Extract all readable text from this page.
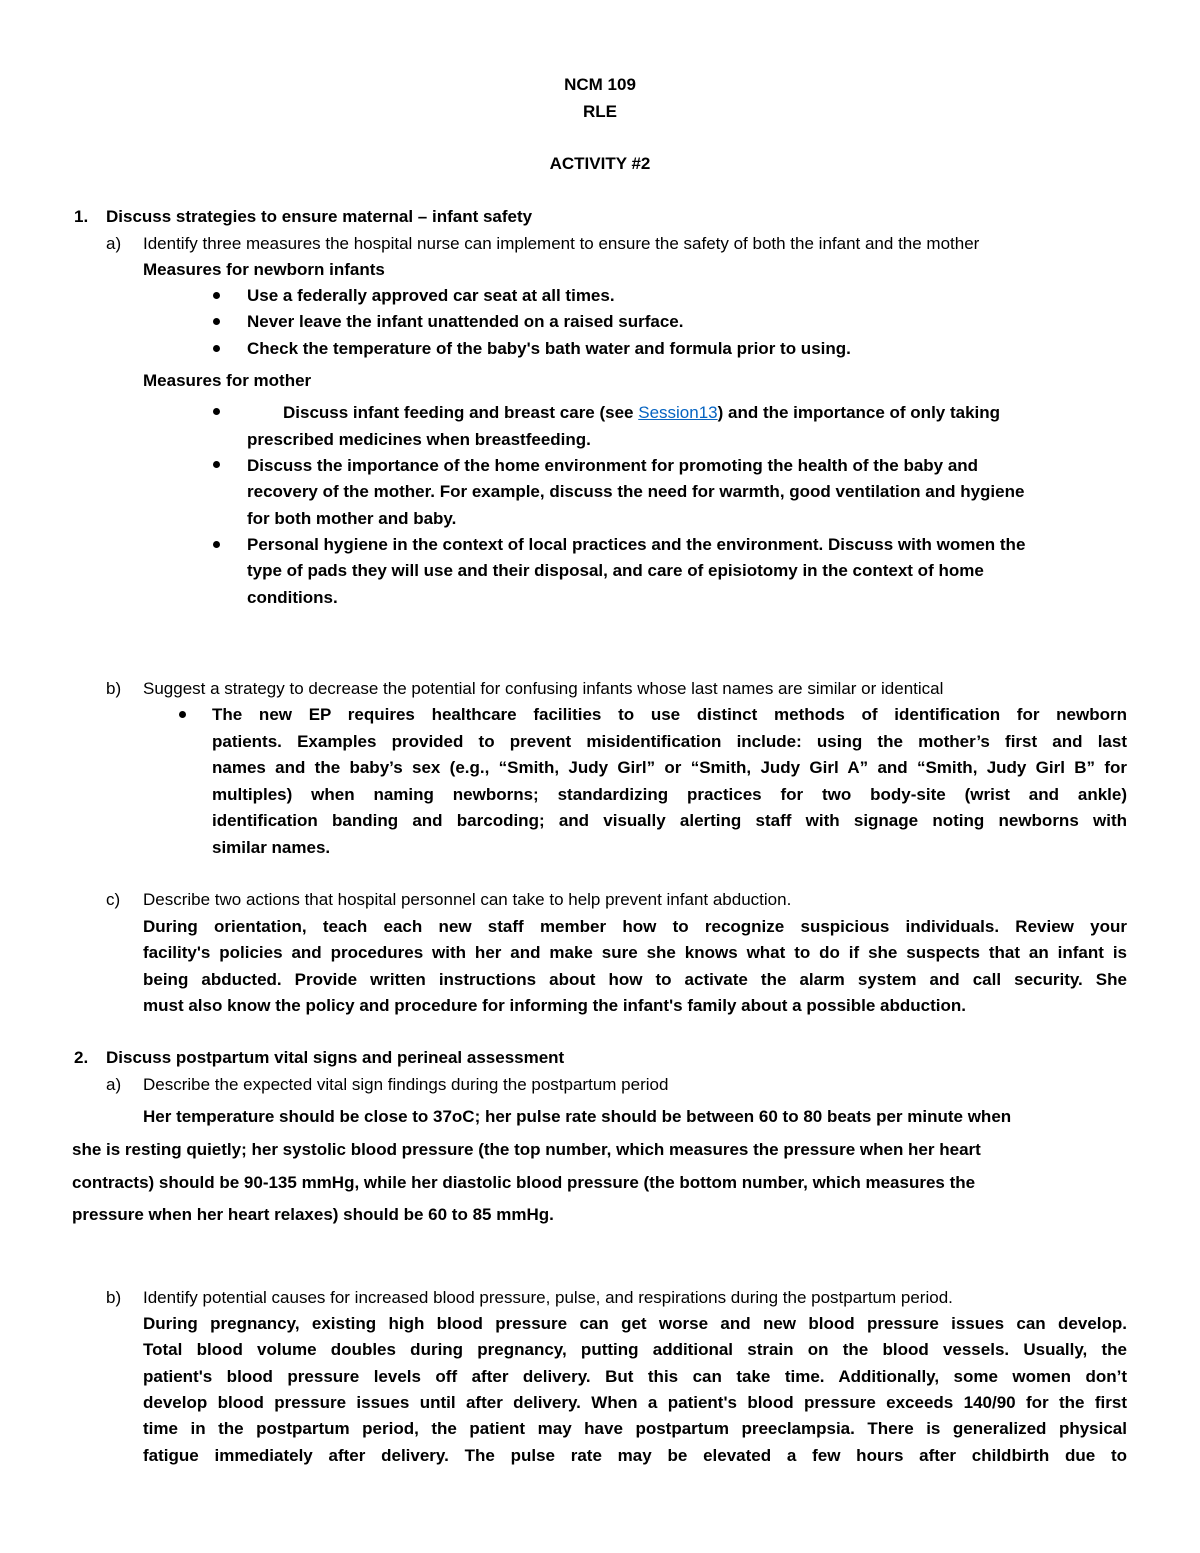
NCM 109
RLE
ACTIVITY #2
1. Discuss strategies to ensure maternal – infant safety
a) Identify three measures the hospital nurse can implement to ensure the safety of both the infant and the mother
Measures for newborn infants
Use a federally approved car seat at all times.
Never leave the infant unattended on a raised surface.
Check the temperature of the baby's bath water and formula prior to using.
Measures for mother
Discuss infant feeding and breast care (see Session13) and the importance of only taking
prescribed medicines when breastfeeding.
Discuss the importance of the home environment for promoting the health of the baby and
recovery of the mother. For example, discuss the need for warmth, good ventilation and hygiene
for both mother and baby.
Personal hygiene in the context of local practices and the environment. Discuss with women the
type of pads they will use and their disposal, and care of episiotomy in the context of home
conditions.
b) Suggest a strategy to decrease the potential for confusing infants whose last names are similar or identical
The new EP requires healthcare facilities to use distinct methods of identification for newborn
patients. Examples provided to prevent misidentification include: using the mother’s first and last
names and the baby’s sex (e.g., “Smith, Judy Girl” or “Smith, Judy Girl A” and “Smith, Judy Girl B” for
multiples) when naming newborns; standardizing practices for two body-site (wrist and ankle)
identification banding and barcoding; and visually alerting staff with signage noting newborns with
similar names.
c) Describe two actions that hospital personnel can take to help prevent infant abduction.
During orientation, teach each new staff member how to recognize suspicious individuals. Review your
facility's policies and procedures with her and make sure she knows what to do if she suspects that an infant is
being abducted. Provide written instructions about how to activate the alarm system and call security. She
must also know the policy and procedure for informing the infant's family about a possible abduction.
2. Discuss postpartum vital signs and perineal assessment
a) Describe the expected vital sign findings during the postpartum period
Her temperature should be close to 37oC; her pulse rate should be between 60 to 80 beats per minute when
she is resting quietly; her systolic blood pressure (the top number, which measures the pressure when her heart
contracts) should be 90-135 mmHg, while her diastolic blood pressure (the bottom number, which measures the
pressure when her heart relaxes) should be 60 to 85 mmHg.
b) Identify potential causes for increased blood pressure, pulse, and respirations during the postpartum period.
During pregnancy, existing high blood pressure can get worse and new blood pressure issues can develop.
Total blood volume doubles during pregnancy, putting additional strain on the blood vessels. Usually, the
patient's blood pressure levels off after delivery. But this can take time. Additionally, some women don’t
develop blood pressure issues until after delivery. When a patient's blood pressure exceeds 140/90 for the first
time in the postpartum period, the patient may have postpartum preeclampsia. There is generalized physical
fatigue immediately after delivery. The pulse rate may be elevated a few hours after childbirth due to
